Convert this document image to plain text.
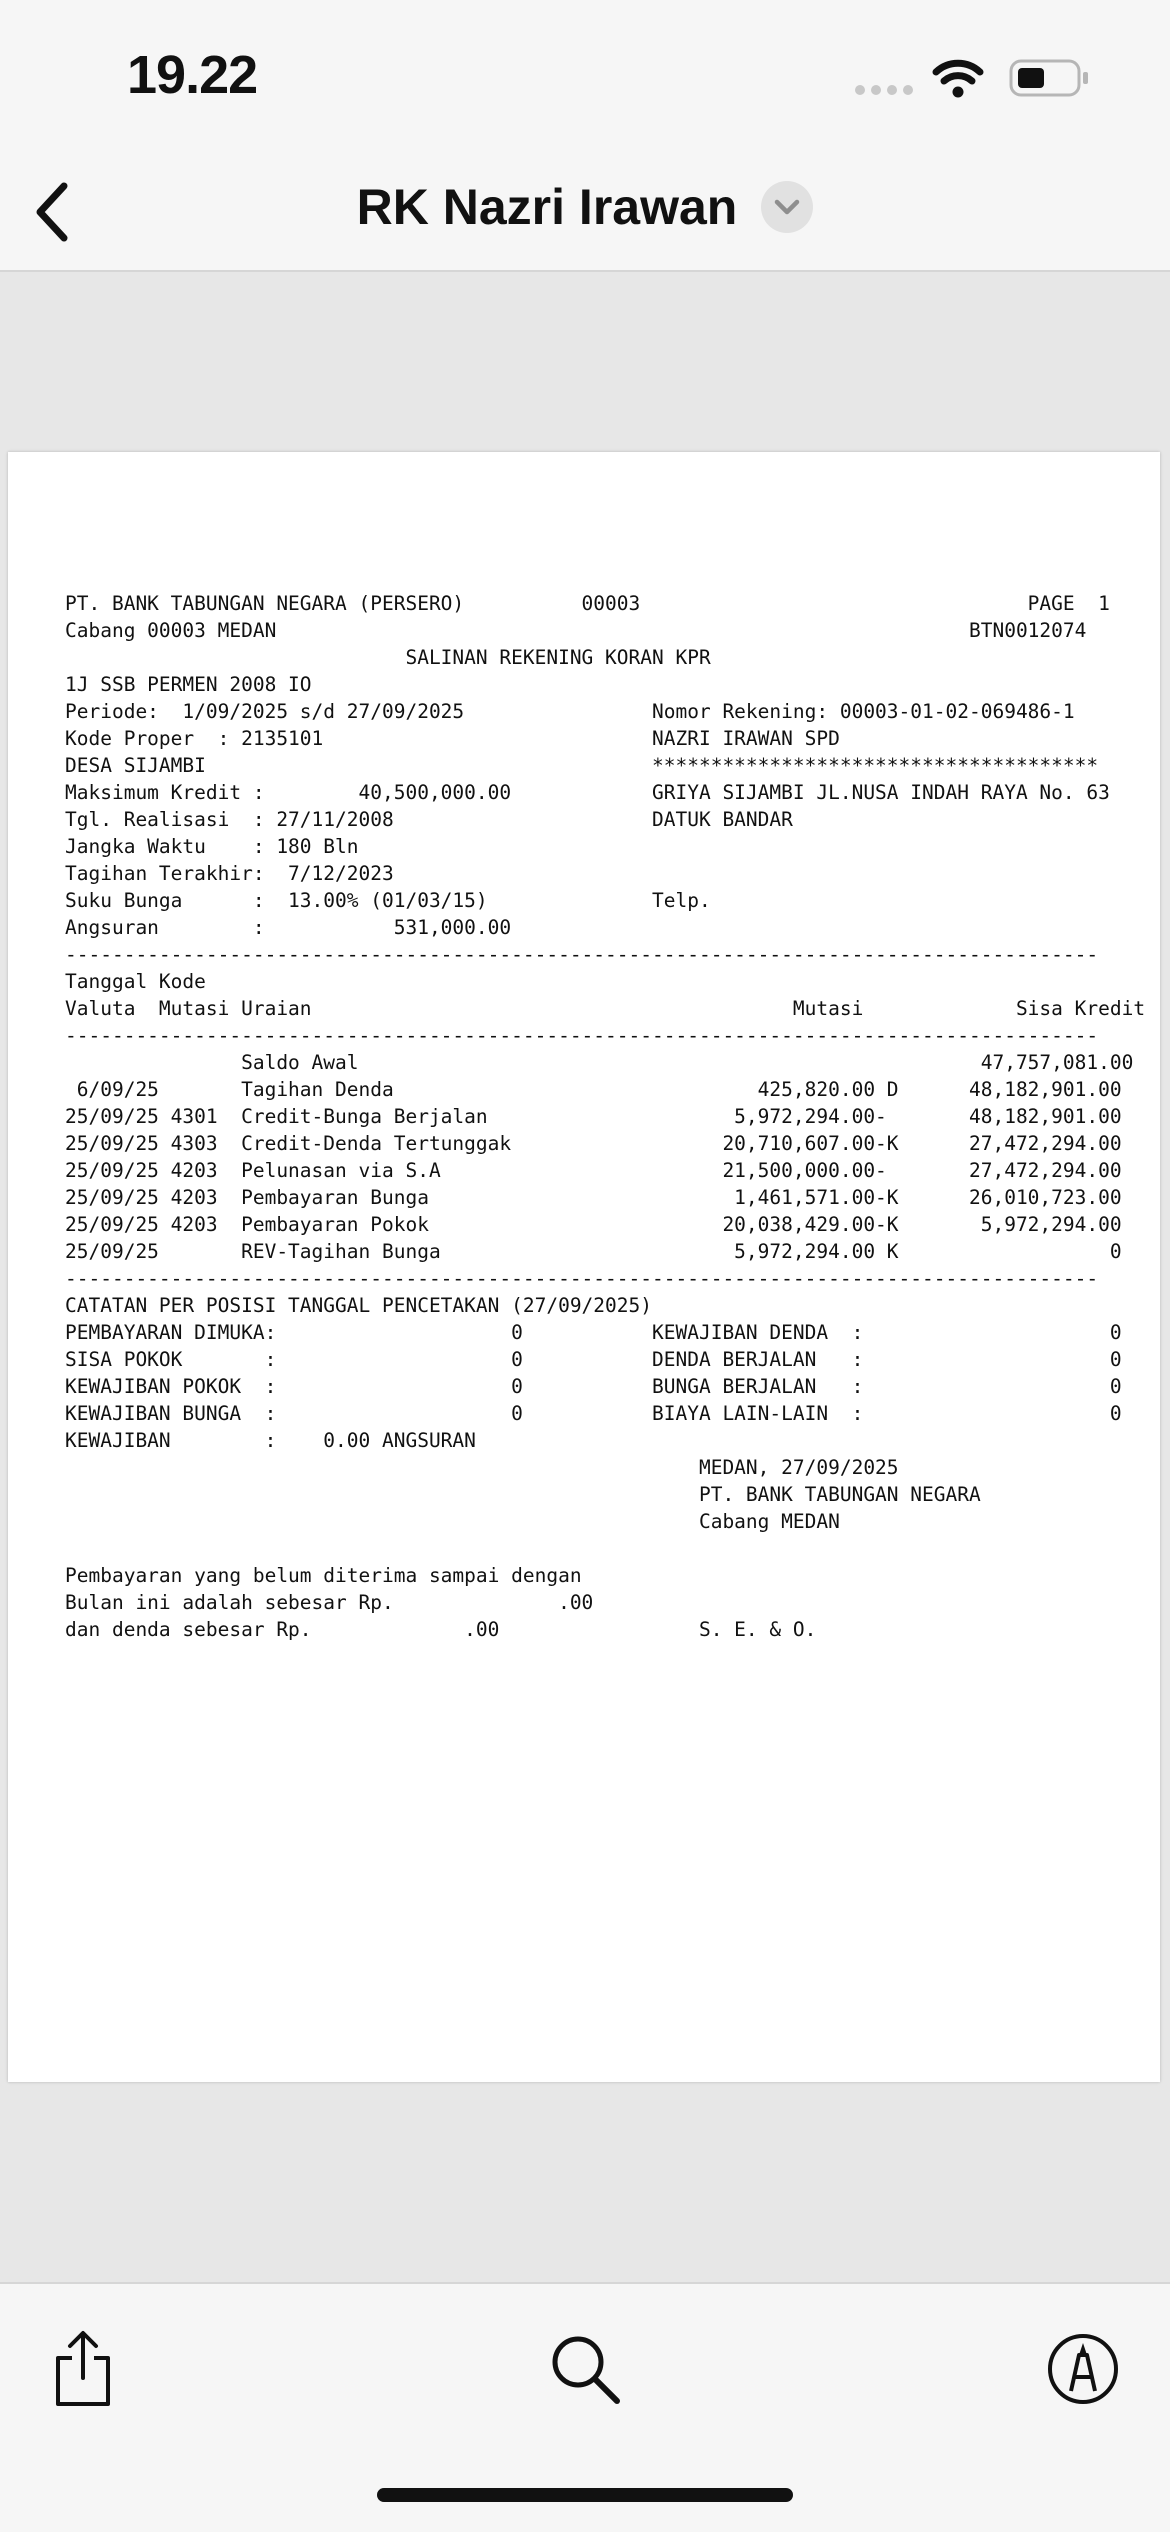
19.22
RK Nazri Irawan
PT. BANK TABUNGAN NEGARA (PERSERO)          00003                                 PAGE  1
Cabang 00003 MEDAN                                                           BTN0012074
SALINAN REKENING KORAN KPR
1J SSB PERMEN 2008 IO
Periode:  1/09/2025 s/d 27/09/2025                Nomor Rekening: 00003-01-02-069486-1
Kode Proper  : 2135101                            NAZRI IRAWAN SPD
DESA SIJAMBI                                      **************************************
Maksimum Kredit :        40,500,000.00            GRIYA SIJAMBI JL.NUSA INDAH RAYA No. 63
Tgl. Realisasi  : 27/11/2008                      DATUK BANDAR
Jangka Waktu    : 180 Bln
Tagihan Terakhir:  7/12/2023
Suku Bunga      :  13.00% (01/03/15)              Telp.
Angsuran        :           531,000.00
----------------------------------------------------------------------------------------
Tanggal Kode
Valuta  Mutasi Uraian                                         Mutasi             Sisa Kredit
----------------------------------------------------------------------------------------
Saldo Awal                                                     47,757,081.00
6/09/25       Tagihan Denda                               425,820.00 D      48,182,901.00
25/09/25 4301  Credit-Bunga Berjalan                     5,972,294.00-       48,182,901.00
25/09/25 4303  Credit-Denda Tertunggak                  20,710,607.00-K      27,472,294.00
25/09/25 4203  Pelunasan via S.A                        21,500,000.00-       27,472,294.00
25/09/25 4203  Pembayaran Bunga                          1,461,571.00-K      26,010,723.00
25/09/25 4203  Pembayaran Pokok                         20,038,429.00-K       5,972,294.00
25/09/25       REV-Tagihan Bunga                         5,972,294.00 K                  0
----------------------------------------------------------------------------------------
CATATAN PER POSISI TANGGAL PENCETAKAN (27/09/2025)
PEMBAYARAN DIMUKA:                    0           KEWAJIBAN DENDA  :                     0
SISA POKOK       :                    0           DENDA BERJALAN   :                     0
KEWAJIBAN POKOK  :                    0           BUNGA BERJALAN   :                     0
KEWAJIBAN BUNGA  :                    0           BIAYA LAIN-LAIN  :                     0
KEWAJIBAN        :    0.00 ANGSURAN
MEDAN, 27/09/2025
PT. BANK TABUNGAN NEGARA
Cabang MEDAN

Pembayaran yang belum diterima sampai dengan
Bulan ini adalah sebesar Rp.              .00
dan denda sebesar Rp.             .00                 S. E. & O.
